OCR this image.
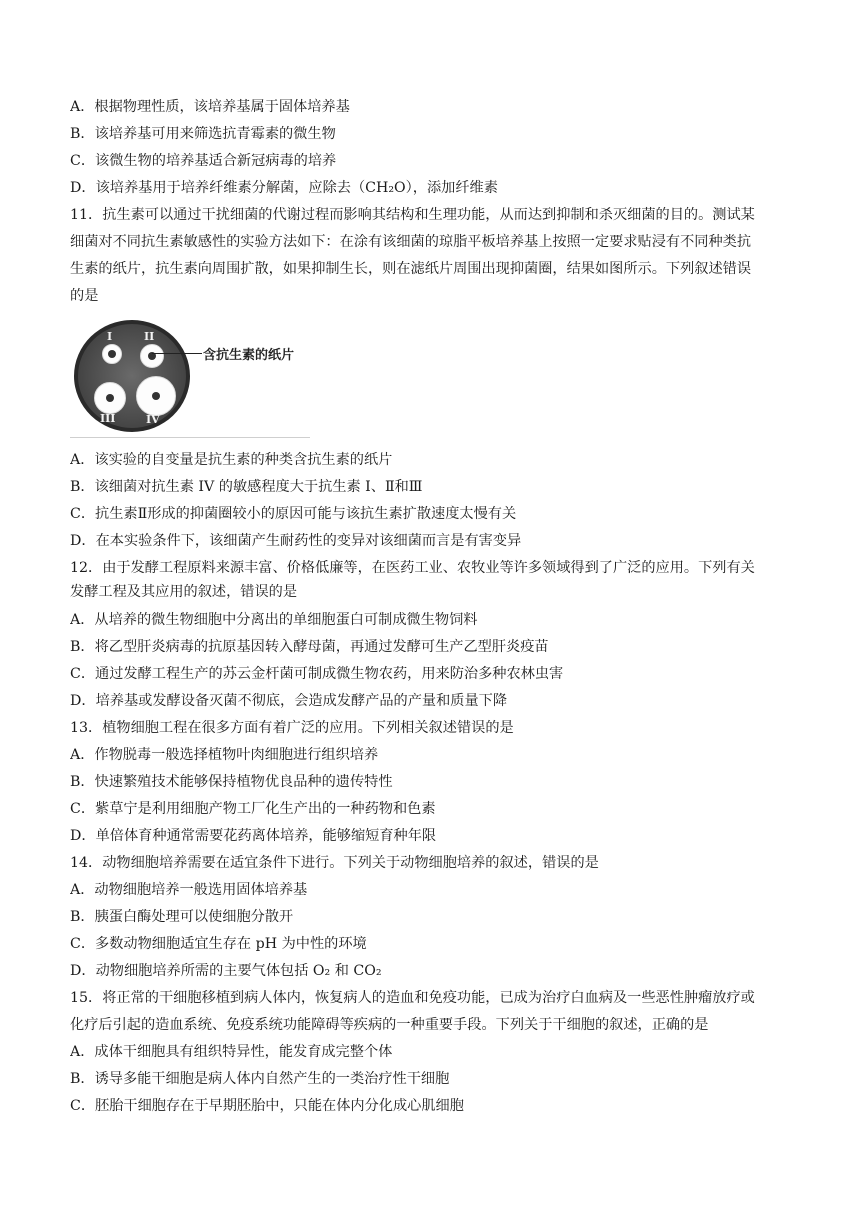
A．根据物理性质，该培养基属于固体培养基
B．该培养基可用来筛选抗青霉素的微生物
C．该微生物的培养基适合新冠病毒的培养
D．该培养基用于培养纤维素分解菌，应除去（CH₂O），添加纤维素
11．抗生素可以通过干扰细菌的代谢过程而影响其结构和生理功能，从而达到抑制和杀灭细菌的目的。测试某
细菌对不同抗生素敏感性的实验方法如下：在涂有该细菌的琼脂平板培养基上按照一定要求贴浸有不同种类抗
生素的纸片，抗生素向周围扩散，如果抑制生长，则在滤纸片周围出现抑菌圈，结果如图所示。下列叙述错误
的是
I	II
III	IV
含抗生素的纸片
A．该实验的自变量是抗生素的种类含抗生素的纸片
B．该细菌对抗生素 IV 的敏感程度大于抗生素 I、Ⅱ和Ⅲ
C．抗生素Ⅱ形成的抑菌圈较小的原因可能与该抗生素扩散速度太慢有关
D．在本实验条件下，该细菌产生耐药性的变异对该细菌而言是有害变异
12．由于发酵工程原料来源丰富、价格低廉等，在医药工业、农牧业等许多领域得到了广泛的应用。下列有关
发酵工程及其应用的叙述，错误的是
A．从培养的微生物细胞中分离出的单细胞蛋白可制成微生物饲料
B．将乙型肝炎病毒的抗原基因转入酵母菌，再通过发酵可生产乙型肝炎疫苗
C．通过发酵工程生产的苏云金杆菌可制成微生物农药，用来防治多种农林虫害
D．培养基或发酵设备灭菌不彻底，会造成发酵产品的产量和质量下降
13．植物细胞工程在很多方面有着广泛的应用。下列相关叙述错误的是
A．作物脱毒一般选择植物叶肉细胞进行组织培养
B．快速繁殖技术能够保持植物优良品种的遗传特性
C．紫草宁是利用细胞产物工厂化生产出的一种药物和色素
D．单倍体育种通常需要花药离体培养，能够缩短育种年限
14．动物细胞培养需要在适宜条件下进行。下列关于动物细胞培养的叙述，错误的是
A．动物细胞培养一般选用固体培养基
B．胰蛋白酶处理可以使细胞分散开
C．多数动物细胞适宜生存在 pH 为中性的环境
D．动物细胞培养所需的主要气体包括 O₂ 和 CO₂
15．将正常的干细胞移植到病人体内，恢复病人的造血和免疫功能，已成为治疗白血病及一些恶性肿瘤放疗或
化疗后引起的造血系统、免疫系统功能障碍等疾病的一种重要手段。下列关于干细胞的叙述，正确的是
A．成体干细胞具有组织特异性，能发育成完整个体
B．诱导多能干细胞是病人体内自然产生的一类治疗性干细胞
C．胚胎干细胞存在于早期胚胎中，只能在体内分化成心肌细胞
